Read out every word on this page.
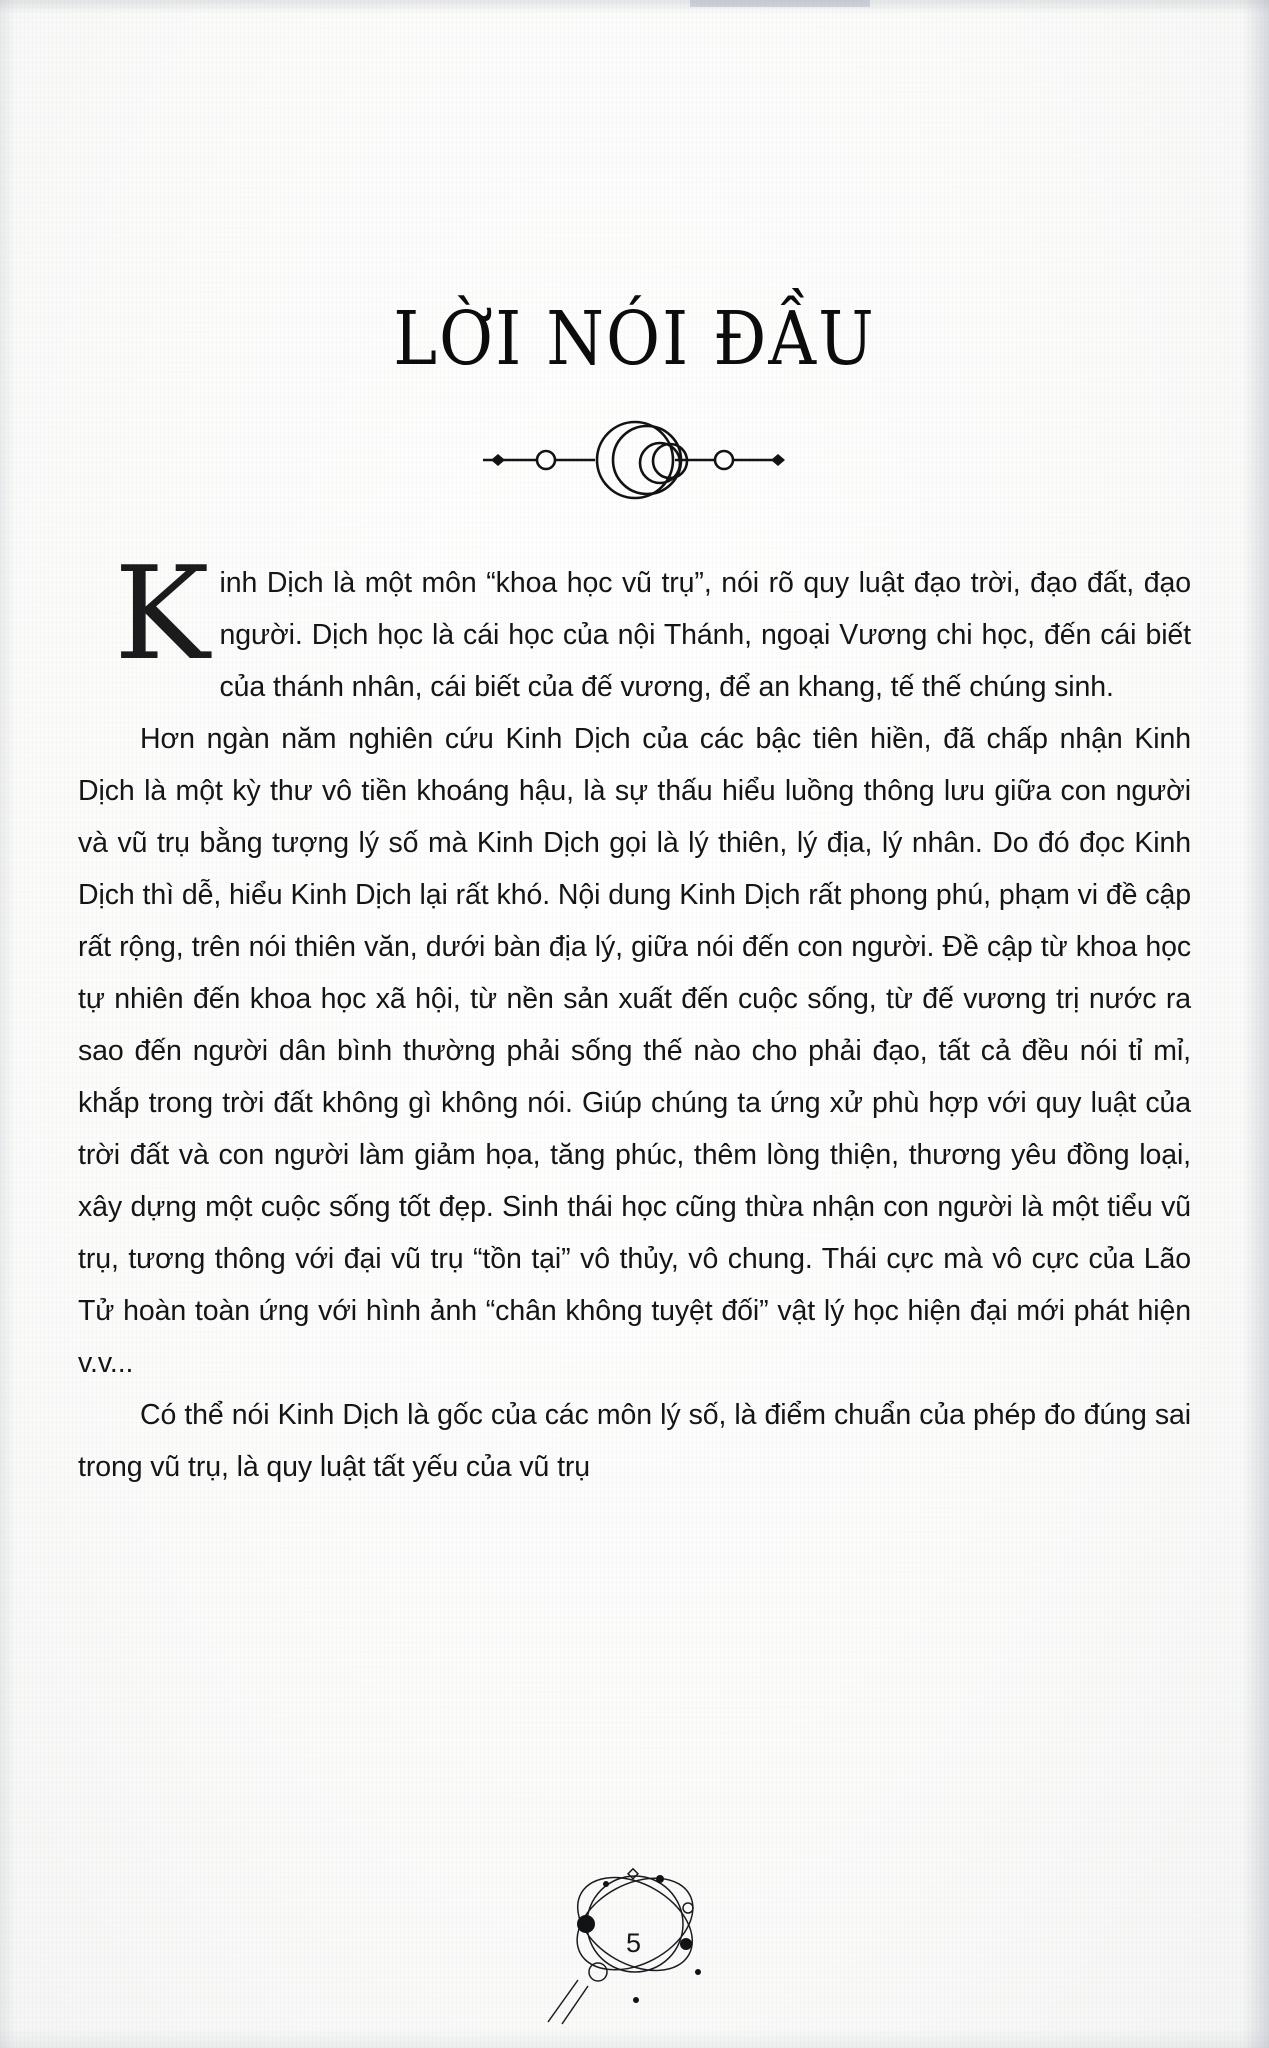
LỜI NÓI ĐẦU

Kinh Dịch là một môn “khoa học vũ trụ”, nói rõ quy luật đạo trời, đạo đất, đạo người. Dịch học là cái học của nội Thánh, ngoại Vương chi học, đến cái biết của thánh nhân, cái biết của đế vương, để an khang, tế thế chúng sinh.

Hơn ngàn năm nghiên cứu Kinh Dịch của các bậc tiên hiền, đã chấp nhận Kinh Dịch là một kỳ thư vô tiền khoáng hậu, là sự thấu hiểu luồng thông lưu giữa con người và vũ trụ bằng tượng lý số mà Kinh Dịch gọi là lý thiên, lý địa, lý nhân. Do đó đọc Kinh Dịch thì dễ, hiểu Kinh Dịch lại rất khó. Nội dung Kinh Dịch rất phong phú, phạm vi đề cập rất rộng, trên nói thiên văn, dưới bàn địa lý, giữa nói đến con người. Đề cập từ khoa học tự nhiên đến khoa học xã hội, từ nền sản xuất đến cuộc sống, từ đế vương trị nước ra sao đến người dân bình thường phải sống thế nào cho phải đạo, tất cả đều nói tỉ mỉ, khắp trong trời đất không gì không nói. Giúp chúng ta ứng xử phù hợp với quy luật của trời đất và con người làm giảm họa, tăng phúc, thêm lòng thiện, thương yêu đồng loại, xây dựng một cuộc sống tốt đẹp. Sinh thái học cũng thừa nhận con người là một tiểu vũ trụ, tương thông với đại vũ trụ “tồn tại” vô thủy, vô chung. Thái cực mà vô cực của Lão Tử hoàn toàn ứng với hình ảnh “chân không tuyệt đối” vật lý học hiện đại mới phát hiện v.v...

Có thể nói Kinh Dịch là gốc của các môn lý số, là điểm chuẩn của phép đo đúng sai trong vũ trụ, là quy luật tất yếu của vũ trụ

5
